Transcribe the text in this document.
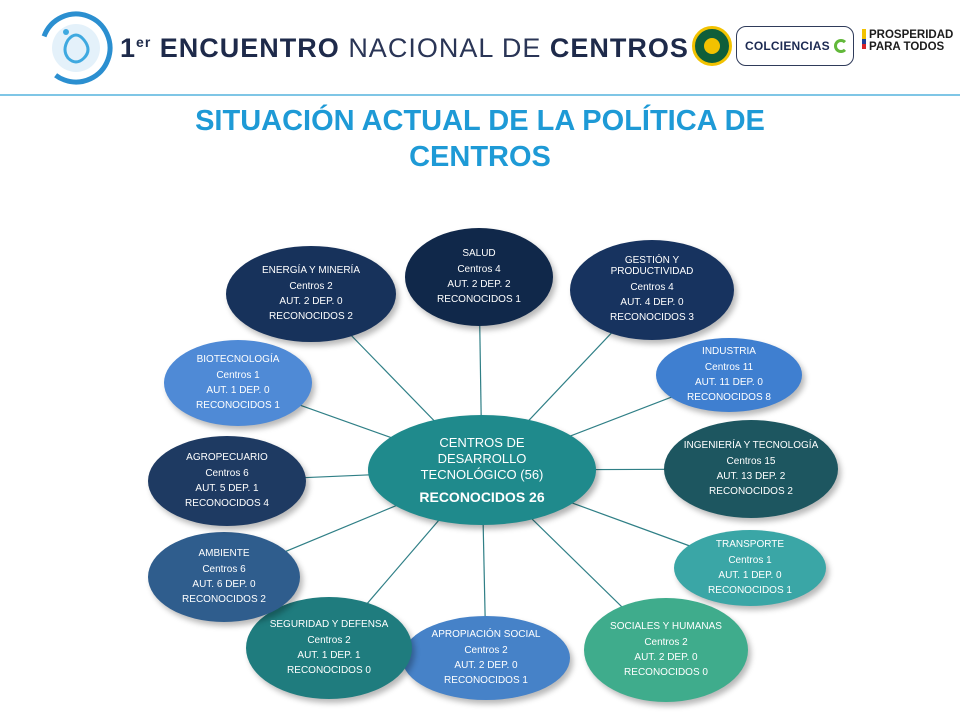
1er ENCUENTRO NACIONAL DE CENTROS	COLCIENCIAS
PROSPERIDAD
PARA TODOS
SITUACIÓN ACTUAL DE LA POLÍTICA DE
CENTROS
CENTROS DE DESARROLLO TECNOLÓGICO (56)
RECONOCIDOS 26
SALUD
Centros 4
AUT. 2 DEP. 2
RECONOCIDOS 1
GESTIÓN Y PRODUCTIVIDAD
Centros 4
AUT. 4 DEP. 0
RECONOCIDOS 3
INDUSTRIA
Centros 11
AUT. 11 DEP. 0
RECONOCIDOS 8
INGENIERÍA Y TECNOLOGÍA
Centros 15
AUT. 13 DEP. 2
RECONOCIDOS 2
TRANSPORTE
Centros 1
AUT. 1 DEP. 0
RECONOCIDOS 1
SOCIALES Y HUMANAS
Centros 2
AUT. 2 DEP. 0
RECONOCIDOS 0
APROPIACIÓN SOCIAL
Centros 2
AUT. 2 DEP. 0
RECONOCIDOS 1
SEGURIDAD Y DEFENSA
Centros 2
AUT. 1 DEP. 1
RECONOCIDOS 0
AMBIENTE
Centros 6
AUT. 6 DEP. 0
RECONOCIDOS 2
AGROPECUARIO
Centros 6
AUT. 5 DEP. 1
RECONOCIDOS 4
BIOTECNOLOGÍA
Centros 1
AUT. 1 DEP. 0
RECONOCIDOS 1
ENERGÍA Y MINERÍA
Centros 2
AUT. 2 DEP. 0
RECONOCIDOS 2
